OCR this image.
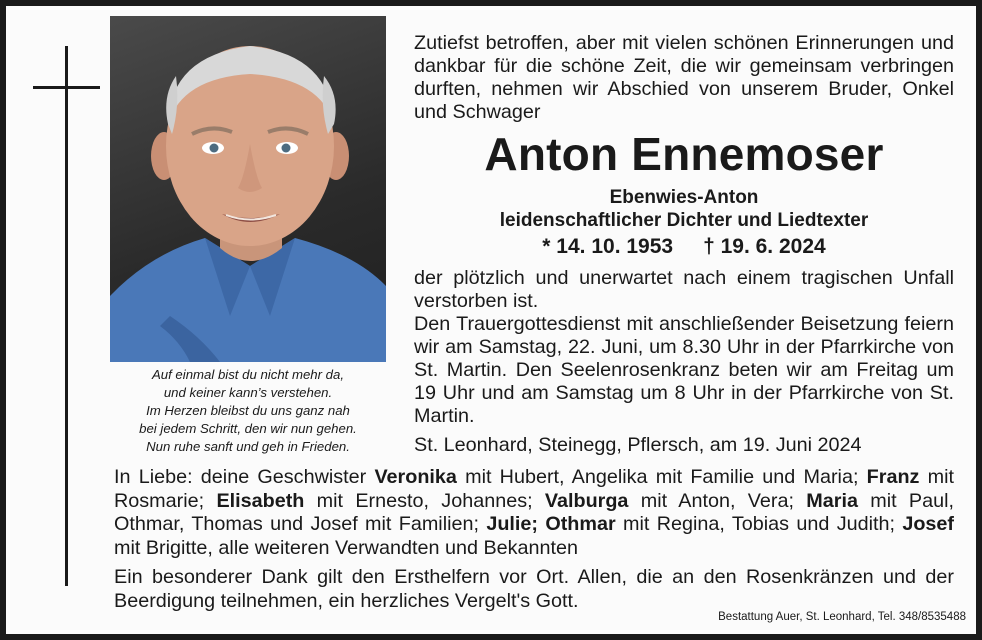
Auf einmal bist du nicht mehr da,
und keiner kann’s verstehen.
Im Herzen bleibst du uns ganz nah
bei jedem Schritt, den wir nun gehen.
Nun ruhe sanft und geh in Frieden.
Zutiefst betroffen, aber mit vielen schönen Erinnerungen und dankbar für die schöne Zeit, die wir gemeinsam verbringen durften, nehmen wir Abschied von unserem Bruder, Onkel und Schwager
Anton Ennemoser
Ebenwies-Anton
leidenschaftlicher Dichter und Liedtexter
* 14. 10. 1953 † 19. 6. 2024
der plötzlich und unerwartet nach einem tragischen Unfall verstorben ist.
Den Trauergottesdienst mit anschließender Beisetzung feiern wir am Samstag, 22. Juni, um 8.30 Uhr in der Pfarrkirche von St. Martin. Den Seelenrosenkranz beten wir am Freitag um 19 Uhr und am Samstag um 8 Uhr in der Pfarrkirche von St. Martin.
St. Leonhard, Steinegg, Pflersch, am 19. Juni 2024
In Liebe: deine Geschwister Veronika mit Hubert, Angelika mit Familie und Maria; Franz mit Rosmarie; Elisabeth mit Ernesto, Johannes; Valburga mit Anton, Vera; Maria mit Paul, Othmar, Thomas und Josef mit Familien; Julie; Othmar mit Regina, Tobias und Judith; Josef mit Brigitte, alle weiteren Verwandten und Bekannten
Ein besonderer Dank gilt den Ersthelfern vor Ort. Allen, die an den Rosenkränzen und der Beerdigung teilnehmen, ein herzliches Vergelt's Gott.
Bestattung Auer, St. Leonhard, Tel. 348/8535488
